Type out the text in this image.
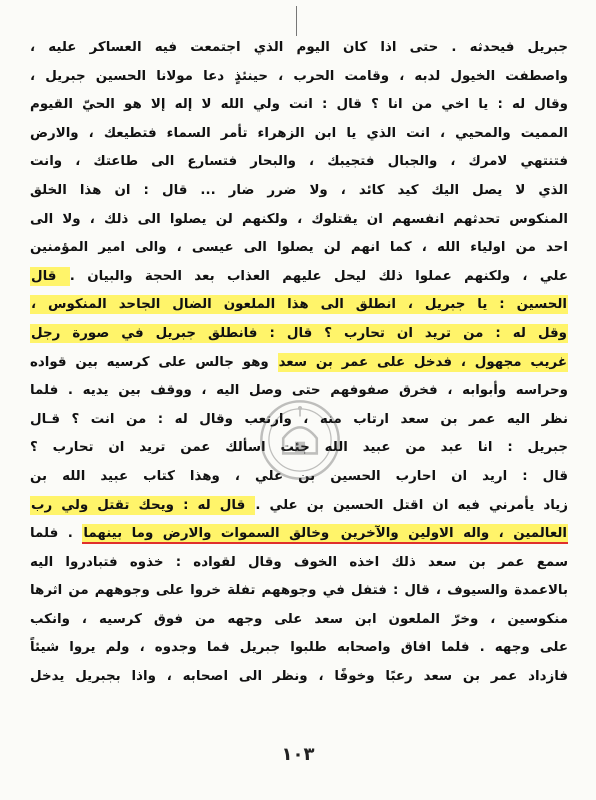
جبريل فيحدثه . حتى اذا كان اليوم الذي اجتمعت فيه العساكر عليه ،
واصطفت الخيول لدبه ، وقامت الحرب ، حينئذٍ دعا مولانا الحسين جبريل ،
وقال له : يا اخي من انا ؟ قال : انت ولي الله لا إله إلا هو الحيّ القيوم
المميت والمحيي ، انت الذي يا ابن الزهراء تأمر السماء فتطيعك ، والارض
فتنتهي لامرك ، والجبال فتجيبك ، والبحار فتسارع الى طاعتك ، وانت
الذي لا يصل اليك كيد كائد ، ولا ضرر ضار ... قال : ان هذا الخلق
المنكوس تحدثهم انفسهم ان يقتلوك ، ولكنهم لن يصلوا الى ذلك ، ولا الى
احد من اولياء الله ، كما انهم لن يصلوا الى عيسى ، والى امير المؤمنين
علي ، ولكنهم عملوا ذلك ليحل عليهم العذاب بعد الحجة والبيان . قال
الحسين : يا جبريل ، انطلق الى هذا الملعون الضال الجاحد المنكوس ،
وقل له : من تريد ان تحارب ؟ قال : فانطلق جبريل في صورة رجل
غريب مجهول ، فدخل على عمر بن سعد وهو جالس على كرسيه بين قواده
وحراسه وأبوابه ، فخرق صفوفهم حتى وصل اليه ، ووقف بين يديه . فلما
نظر اليه عمر بن سعد ارتاب منه ، وارتعب وقال له : من انت ؟ قـال
جبريل : انا عبد من عبيد الله جئت اسألك عمن تريد ان تحارب ؟
قال : اريد ان احارب الحسين بن علي ، وهذا كتاب عبيد الله بن
زياد يأمرني فيه ان اقتل الحسين بن علي . قال له : ويحك تقتل ولي رب
العالمين ، واله الاولين والآخرين وخالق السموات والارض وما بينهما . فلما
سمع عمر بن سعد ذلك اخذه الخوف وقال لقواده : خذوه فتبادروا اليه
بالاعمدة والسيوف ، قال : فتفل في وجوههم تفلة خروا على وجوههم من اثرها
منكوسين ، وخرّ الملعون ابن سعد على وجهه من فوق كرسيه ، وانكب
على وجهه . فلما افاق واصحابه طلبوا جبريل فما وجدوه ، ولم يروا شيئاً
فازداد عمر بن سعد رعبًا وخوفًا ، ونظر الى اصحابه ، واذا بجبريل يدخل
١٠٣
